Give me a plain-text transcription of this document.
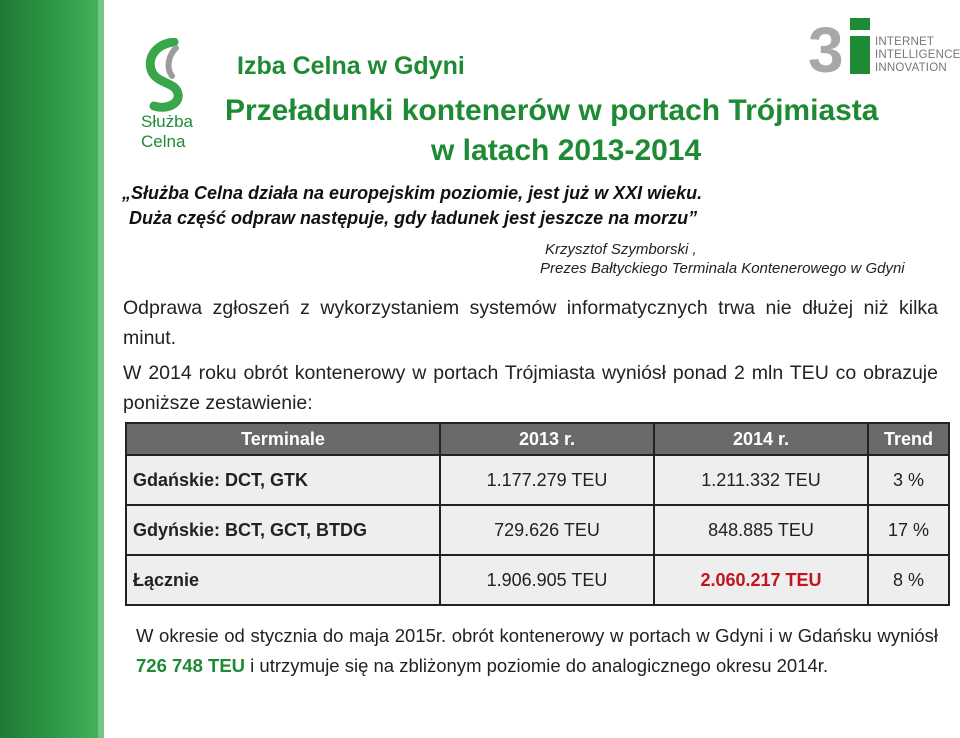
Służba
Celna
Izba Celna w Gdyni
Przeładunki kontenerów w portach Trójmiasta
w latach 2013-2014
3	INTERNET
INTELLIGENCE
INNOVATION
„Służba Celna działa na europejskim poziomie, jest już w XXI wieku.
Duża część odpraw następuje, gdy ładunek jest jeszcze na morzu”
Krzysztof Szymborski ,
Prezes Bałtyckiego Terminala Kontenerowego w Gdyni
Odprawa zgłoszeń z wykorzystaniem systemów informatycznych trwa nie dłużej niż kilka minut.
W 2014 roku obrót kontenerowy w portach Trójmiasta wyniósł ponad 2 mln TEU co obrazuje poniższe zestawienie:
Terminale	2013 r.	2014 r.	Trend
Gdańskie: DCT, GTK	1.177.279 TEU	1.211.332 TEU	3 %
Gdyńskie: BCT, GCT, BTDG	729.626 TEU	848.885 TEU	17 %
Łącznie	1.906.905 TEU	2.060.217 TEU	8 %
W okresie od stycznia do maja 2015r. obrót kontenerowy w portach w Gdyni i w Gdańsku wyniósł 726 748 TEU i utrzymuje się na zbliżonym poziomie do analogicznego okresu 2014r.
